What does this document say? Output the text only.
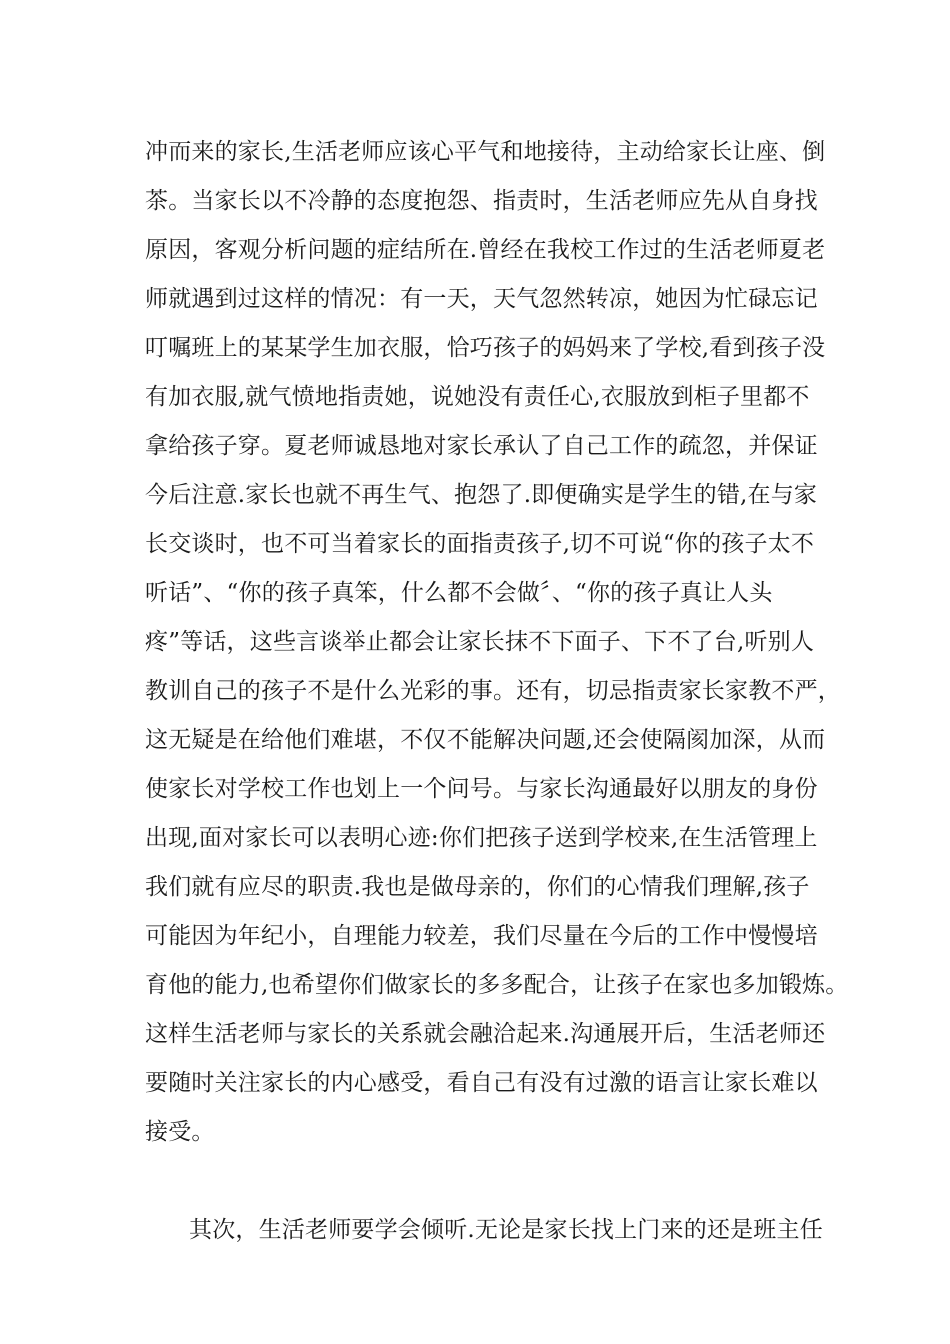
冲而来的家长,生活老师应该心平气和地接待，主动给家长让座、倒
茶。当家长以不冷静的态度抱怨、指责时，生活老师应先从自身找
原因，客观分析问题的症结所在.曾经在我校工作过的生活老师夏老
师就遇到过这样的情况：有一天，天气忽然转凉，她因为忙碌忘记
叮嘱班上的某某学生加衣服，恰巧孩子的妈妈来了学校,看到孩子没
有加衣服,就气愤地指责她，说她没有责任心,衣服放到柜子里都不
拿给孩子穿。夏老师诚恳地对家长承认了自己工作的疏忽，并保证
今后注意.家长也就不再生气、抱怨了.即便确实是学生的错,在与家
长交谈时，也不可当着家长的面指责孩子,切不可说“你的孩子太不
听话”、“你的孩子真笨，什么都不会做〞、“你的孩子真让人头
疼”等话，这些言谈举止都会让家长抹不下面子、下不了台,听别人
教训自己的孩子不是什么光彩的事。还有，切忌指责家长家教不严，
这无疑是在给他们难堪，不仅不能解决问题,还会使隔阂加深，从而
使家长对学校工作也划上一个问号。与家长沟通最好以朋友的身份
出现,面对家长可以表明心迹:你们把孩子送到学校来,在生活管理上
我们就有应尽的职责.我也是做母亲的，你们的心情我们理解,孩子
可能因为年纪小，自理能力较差，我们尽量在今后的工作中慢慢培
育他的能力,也希望你们做家长的多多配合，让孩子在家也多加锻炼。
这样生活老师与家长的关系就会融洽起来.沟通展开后，生活老师还
要随时关注家长的内心感受，看自己有没有过激的语言让家长难以
接受。
其次，生活老师要学会倾听.无论是家长找上门来的还是班主任
